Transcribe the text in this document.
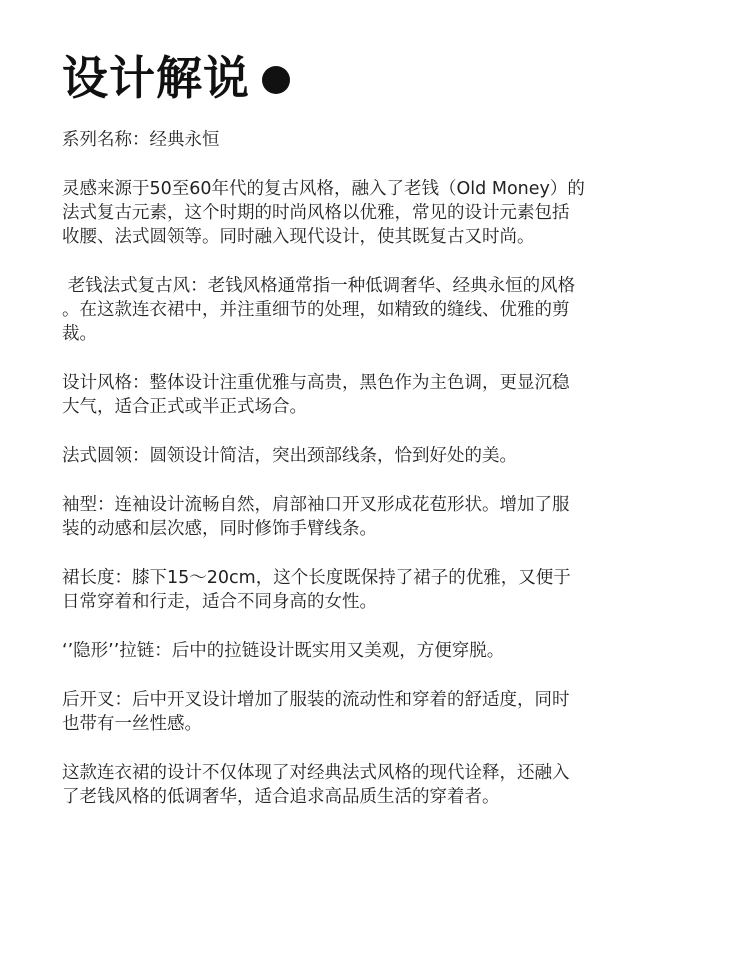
设计解说

系列名称：经典永恒

灵感来源于50至60年代的复古风格，融入了老钱（Old Money）的
法式复古元素，这个时期的时尚风格以优雅，常见的设计元素包括
收腰、法式圆领等。同时融入现代设计，使其既复古又时尚。

老钱法式复古风：老钱风格通常指一种低调奢华、经典永恒的风格
。在这款连衣裙中，并注重细节的处理，如精致的缝线、优雅的剪
裁。

设计风格：整体设计注重优雅与高贵，黑色作为主色调，更显沉稳
大气，适合正式或半正式场合。

法式圆领：圆领设计简洁，突出颈部线条，恰到好处的美。

袖型：连袖设计流畅自然，肩部袖口开叉形成花苞形状。增加了服
装的动感和层次感，同时修饰手臂线条。

裙长度：膝下15～20cm，这个长度既保持了裙子的优雅，又便于
日常穿着和行走，适合不同身高的女性。

‘’隐形’’拉链：后中的拉链设计既实用又美观，方便穿脱。

后开叉：后中开叉设计增加了服装的流动性和穿着的舒适度，同时
也带有一丝性感。

这款连衣裙的设计不仅体现了对经典法式风格的现代诠释，还融入
了老钱风格的低调奢华，适合追求高品质生活的穿着者。
